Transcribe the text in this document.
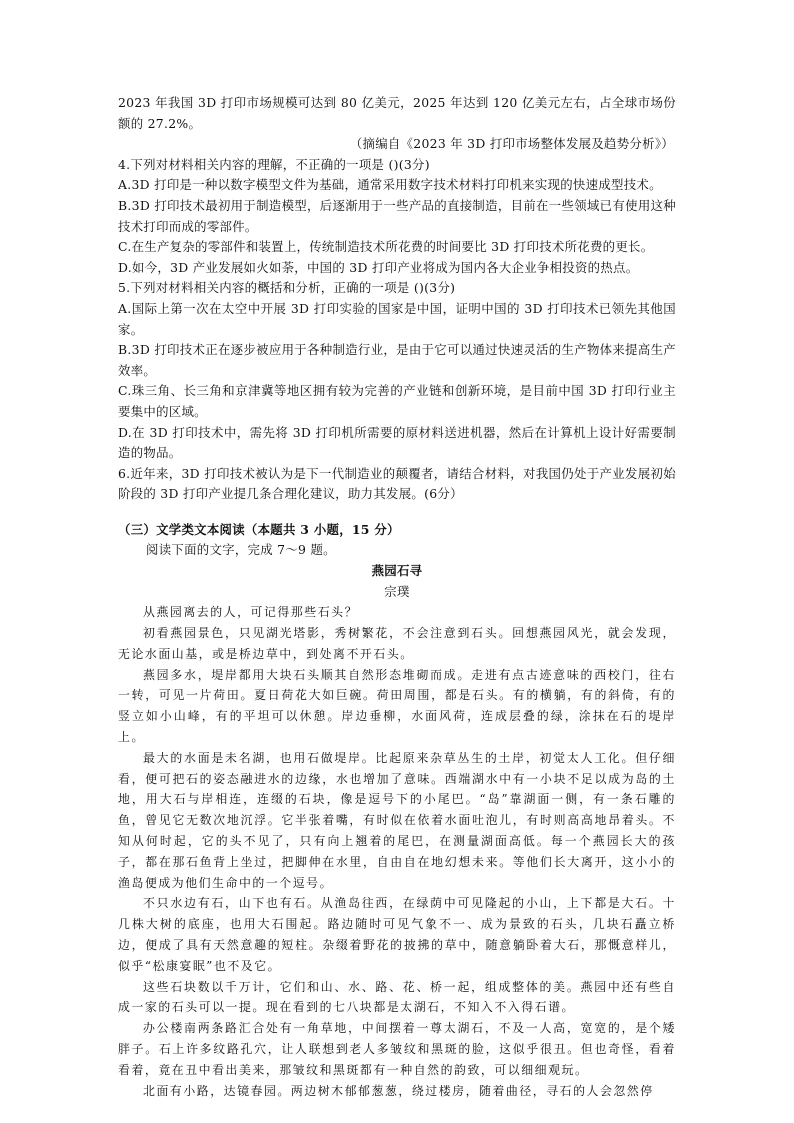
2023 年我国 3D 打印市场规模可达到 80 亿美元，2025 年达到 120 亿美元左右，占全球市场份额的 27.2%。

（摘编自《2023 年 3D 打印市场整体发展及趋势分析》）

4.下列对材料相关内容的理解，不正确的一项是 ()(3分)

A.3D 打印是一种以数字模型文件为基础，通常采用数字技术材料打印机来实现的快速成型技术。

B.3D 打印技术最初用于制造模型，后逐渐用于一些产品的直接制造，目前在一些领域已有使用这种技术打印而成的零部件。

C.在生产复杂的零部件和装置上，传统制造技术所花费的时间要比 3D 打印技术所花费的更长。

D.如今，3D 产业发展如火如荼，中国的 3D 打印产业将成为国内各大企业争相投资的热点。

5.下列对材料相关内容的概括和分析，正确的一项是 ()(3分)

A.国际上第一次在太空中开展 3D 打印实验的国家是中国，证明中国的 3D 打印技术已领先其他国家。

B.3D 打印技术正在逐步被应用于各种制造行业，是由于它可以通过快速灵活的生产物体来提高生产效率。

C.珠三角、长三角和京津冀等地区拥有较为完善的产业链和创新环境，是目前中国 3D 打印行业主要集中的区域。

D.在 3D 打印技术中，需先将 3D 打印机所需要的原材料送进机器，然后在计算机上设计好需要制造的物品。

6.近年来，3D 打印技术被认为是下一代制造业的颠覆者，请结合材料，对我国仍处于产业发展初始阶段的 3D 打印产业提几条合理化建议，助力其发展。(6分）

（三）文学类文本阅读（本题共 3 小题，15 分）

阅读下面的文字，完成 7～9 题。

燕园石寻

宗璞

从燕园离去的人，可记得那些石头？

初看燕园景色，只见湖光塔影，秀树繁花，不会注意到石头。回想燕园风光，就会发现，无论水面山基，或是桥边草中，到处离不开石头。

燕园多水，堤岸都用大块石头顺其自然形态堆砌而成。走进有点古迹意味的西校门，往右一转，可见一片荷田。夏日荷花大如巨碗。荷田周围，都是石头。有的横躺，有的斜倚，有的竖立如小山峰，有的平坦可以休憩。岸边垂柳，水面风荷，连成层叠的绿，涂抹在石的堤岸上。

最大的水面是未名湖，也用石做堤岸。比起原来杂草丛生的土岸，初觉太人工化。但仔细看，便可把石的姿态融进水的边缘，水也增加了意味。西端湖水中有一小块不足以成为岛的土地，用大石与岸相连，连缀的石块，像是逗号下的小尾巴。“岛”靠湖面一侧，有一条石雕的鱼，曾见它无数次地沉浮。它半张着嘴，有时似在依着水面吐泡儿，有时则高高地昂着头。不知从何时起，它的头不见了，只有向上翘着的尾巴，在测量湖面高低。每一个燕园长大的孩子，都在那石鱼背上坐过，把脚伸在水里，自由自在地幻想未来。等他们长大离开，这小小的渔岛便成为他们生命中的一个逗号。

不只水边有石，山下也有石。从渔岛往西，在绿荫中可见隆起的小山，上下都是大石。十几株大树的底座，也用大石围起。路边随时可见气象不一、成为景致的石头，几块石矗立桥边，便成了具有天然意趣的短柱。杂缀着野花的披拂的草中，随意躺卧着大石，那慨意样儿，似乎“松康宴眠”也不及它。

这些石块数以千万计，它们和山、水、路、花、桥一起，组成整体的美。燕园中还有些自成一家的石头可以一提。现在看到的七八块都是太湖石，不知入不入得石谱。

办公楼南两条路汇合处有一角草地，中间摆着一尊太湖石，不及一人高，宽宽的，是个矮胖子。石上许多纹路孔穴，让人联想到老人多皱纹和黑斑的脸，这似乎很丑。但也奇怪，看着看着，竟在丑中看出美来，那皱纹和黑斑都有一种自然的韵致，可以细细观玩。

北面有小路，达镜春园。两边树木郁郁葱葱，绕过楼房，随着曲径，寻石的人会忽然停
